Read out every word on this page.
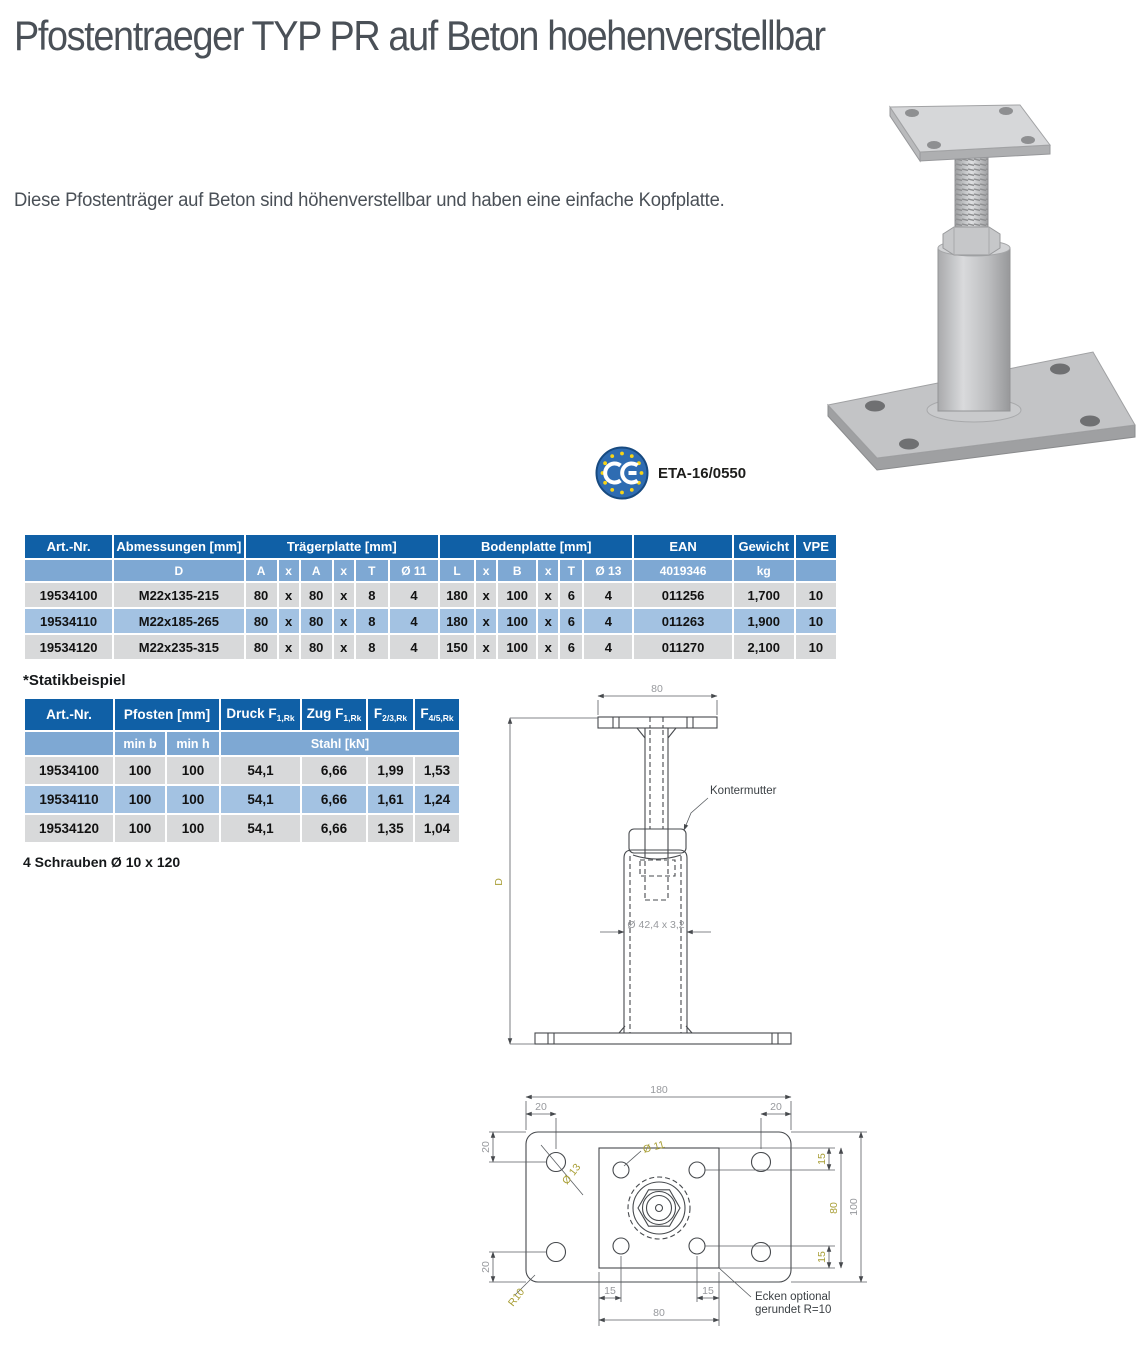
Pfostentraeger TYP PR auf Beton hoehenverstellbar
Diese Pfostenträger auf Beton sind höhenverstellbar und haben eine einfache Kopfplatte.
ETA-16/0550
Art.-Nr.	Abmessungen [mm]	Trägerplatte [mm]						Bodenplatte [mm]						EAN	Gewicht	VPE
	D	A	x	A	x	T	Ø 11	L	x	B	x	T	Ø 13	4019346	kg	
19534100	M22x135-215	80	x	80	x	8	4	180	x	100	x	6	4	011256	1,700	10
19534110	M22x185-265	80	x	80	x	8	4	180	x	100	x	6	4	011263	1,900	10
19534120	M22x235-315	80	x	80	x	8	4	150	x	100	x	6	4	011270	2,100	10
*Statikbeispiel
Art.-Nr.	Pfosten [mm]		Druck $F_{1,Rk}$	Zug $F_{1,Rk}$	$F_{2/3,Rk}$	$F_{4/5,Rk}$
	min b	min h	Stahl [kN]			
19534100	100	100	54,1	6,66	1,99	1,53
19534110	100	100	54,1	6,66	1,61	1,24
19534120	100	100	54,1	6,66	1,35	1,04
4 Schrauben Ø 10 x 120
80
Kontermutter
Ø 42,4 x 3,2
D
180
20	20
20
20
15
15
80 100
15	15
80
Ø 11
Ø 13
R10	Ecken optional
gerundet R=10
